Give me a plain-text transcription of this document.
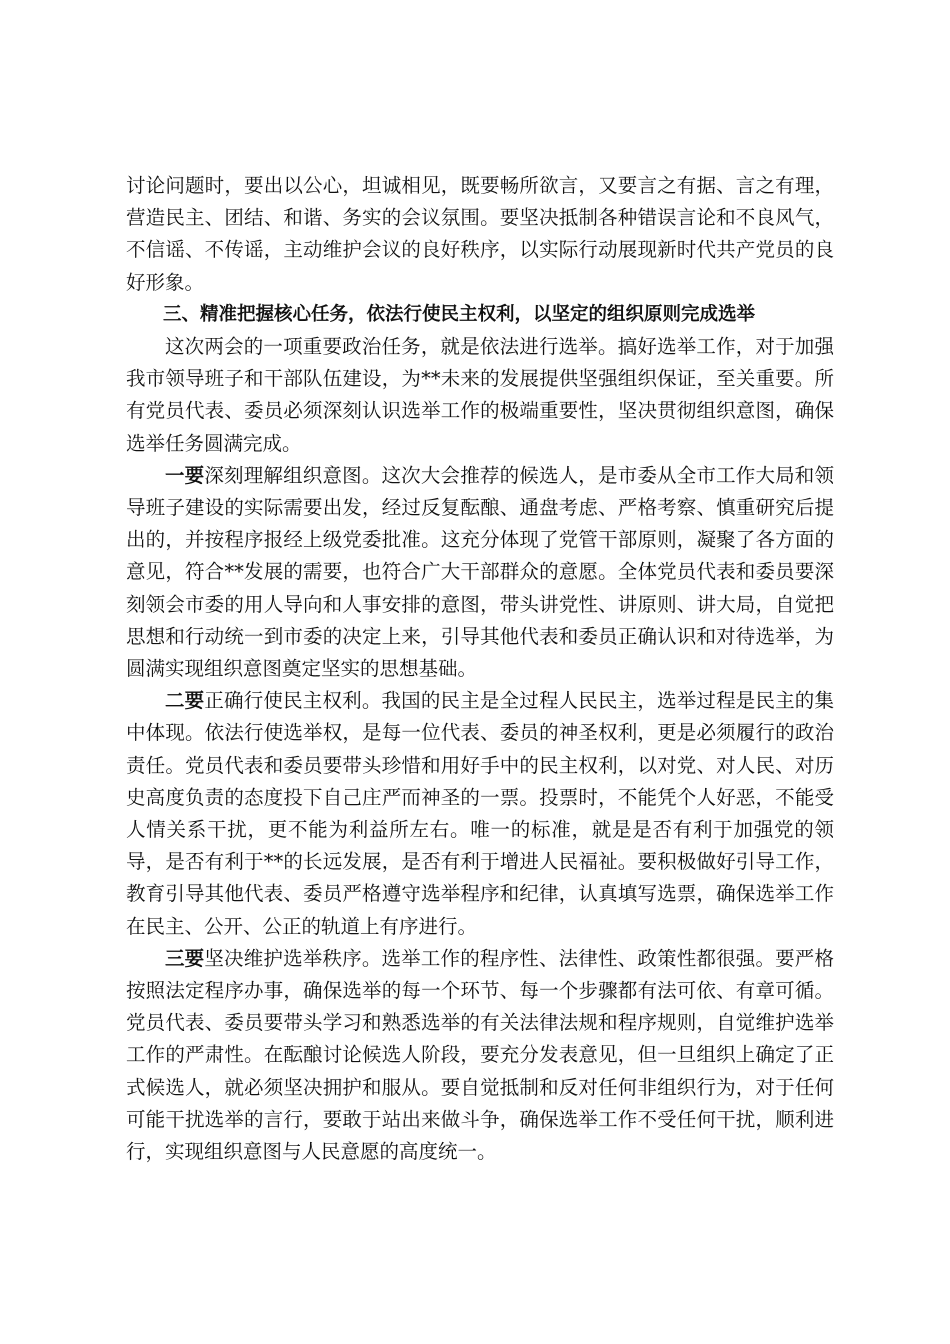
讨论问题时，要出以公心，坦诚相见，既要畅所欲言，又要言之有据、言之有理，营造民主、团结、和谐、务实的会议氛围。要坚决抵制各种错误言论和不良风气，不信谣、不传谣，主动维护会议的良好秩序，以实际行动展现新时代共产党员的良好形象。

三、精准把握核心任务，依法行使民主权利，以坚定的组织原则完成选举

这次两会的一项重要政治任务，就是依法进行选举。搞好选举工作，对于加强我市领导班子和干部队伍建设，为**未来的发展提供坚强组织保证，至关重要。所有党员代表、委员必须深刻认识选举工作的极端重要性，坚决贯彻组织意图，确保选举任务圆满完成。

一要深刻理解组织意图。这次大会推荐的候选人，是市委从全市工作大局和领导班子建设的实际需要出发，经过反复酝酿、通盘考虑、严格考察、慎重研究后提出的，并按程序报经上级党委批准。这充分体现了党管干部原则，凝聚了各方面的意见，符合**发展的需要，也符合广大干部群众的意愿。全体党员代表和委员要深刻领会市委的用人导向和人事安排的意图，带头讲党性、讲原则、讲大局，自觉把思想和行动统一到市委的决定上来，引导其他代表和委员正确认识和对待选举，为圆满实现组织意图奠定坚实的思想基础。

二要正确行使民主权利。我国的民主是全过程人民民主，选举过程是民主的集中体现。依法行使选举权，是每一位代表、委员的神圣权利，更是必须履行的政治责任。党员代表和委员要带头珍惜和用好手中的民主权利，以对党、对人民、对历史高度负责的态度投下自己庄严而神圣的一票。投票时，不能凭个人好恶，不能受人情关系干扰，更不能为利益所左右。唯一的标准，就是是否有利于加强党的领导，是否有利于**的长远发展，是否有利于增进人民福祉。要积极做好引导工作，教育引导其他代表、委员严格遵守选举程序和纪律，认真填写选票，确保选举工作在民主、公开、公正的轨道上有序进行。

三要坚决维护选举秩序。选举工作的程序性、法律性、政策性都很强。要严格按照法定程序办事，确保选举的每一个环节、每一个步骤都有法可依、有章可循。党员代表、委员要带头学习和熟悉选举的有关法律法规和程序规则，自觉维护选举工作的严肃性。在酝酿讨论候选人阶段，要充分发表意见，但一旦组织上确定了正式候选人，就必须坚决拥护和服从。要自觉抵制和反对任何非组织行为，对于任何可能干扰选举的言行，要敢于站出来做斗争，确保选举工作不受任何干扰，顺利进行，实现组织意图与人民意愿的高度统一。
